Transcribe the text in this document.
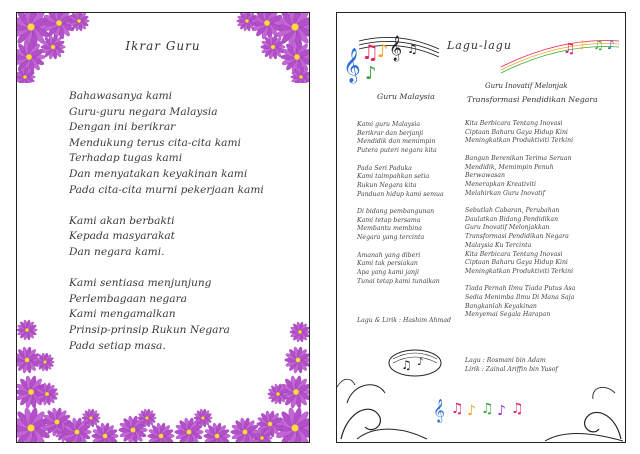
Ikrar Guru
Bahawasanya kami
Guru-guru negara Malaysia
Dengan ini berikrar
Mendukung terus cita-cita kami
Terhadap tugas kami
Dan menyatakan keyakinan kami
Pada cita-cita murni pekerjaan kami
Kami akan berbakti
Kepada masyarakat
Dan negara kami.
Kami sentiasa menjunjung
Perlembagaan negara
Kami mengamalkan
Prinsip-prinsip Rukun Negara
Pada setiap masa.
𝄞 ♫
♪
♪
𝄞 ♫	♫ ♪ ♫ ♪
Lagu-lagu
Guru Malaysia
Guru Inovatif Melonjak
Transformasi Pendidikan Negara
Kami guru Malaysia
Berikrar dan berjanji
Mendidik dan memimpin
Putera puteri negara kita
Pada Seri Paduka
Kami taimpahkan setia
Rukun Negara kita
Panduan hidup kami semua
Di bidang pembangunan
Kami tetap bersama
Membantu membina
Negara yang tercinta
Amanah yang diberi
Kami tak persiakan
Apa yang kami janji
Tunai tetap kami tunaikan
Kita Berbicara Tentang Inovasi
Ciptaan Baharu Gaya Hidup Kini
Meningkatkan Produktiviti Terkini
Bangun Berenikan Terima Seruan
Mendidik, Memimpin Penuh
Berwawasan
Menerapkan Kreativiti
Melahirkan Guru Inovatif
Sebutlah Cabaran, Perubahan
Daulatkan Bidang Pendidikan
Guru Inovatif Melonjakkan
Transformasi Pendidikan Negara
Malaysia Ku Tercinta
Kita Berbicara Tentang Inovasi
Ciptaan Baharu Gaya Hidup Kini
Meningkatkan Produktiviti Terkini
Tiada Pernah Ilmu Tiada Putus Asa
Sedia Menimba Ilmu Di Mana Saja
Bangkanlah Keyakinan
Menyemai Segala Harapan
Lagu & Lirik : Hashim Ahmad
Lagu : Rosmani bin Adam
Lirik : Zainal Ariffin bin Yusof
♫ ♪
𝄞 ♫ ♪ ♫ ♪ ♫
